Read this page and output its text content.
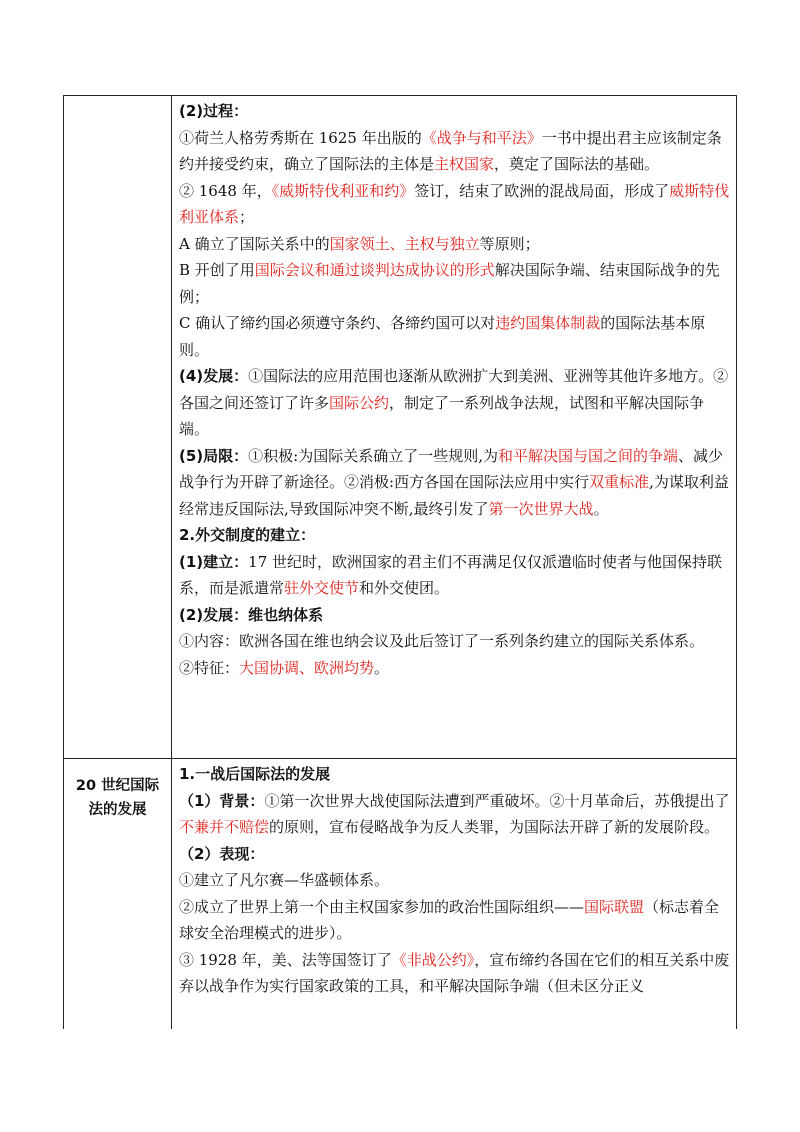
20 世纪国际法的发展

(2)过程：

①荷兰人格劳秀斯在 1625 年出版的《战争与和平法》一书中提出君主应该制定条约并接受约束，确立了国际法的主体是主权国家，奠定了国际法的基础。

② 1648 年，《威斯特伐利亚和约》签订，结束了欧洲的混战局面，形成了威斯特伐利亚体系；

A 确立了国际关系中的国家领土、主权与独立等原则；

B 开创了用国际会议和通过谈判达成协议的形式解决国际争端、结束国际战争的先例；

C 确认了缔约国必须遵守条约、各缔约国可以对违约国集体制裁的国际法基本原则。

(4)发展：①国际法的应用范围也逐渐从欧洲扩大到美洲、亚洲等其他许多地方。②各国之间还签订了许多国际公约，制定了一系列战争法规，试图和平解决国际争端。

(5)局限：①积极:为国际关系确立了一些规则,为和平解决国与国之间的争端、减少战争行为开辟了新途径。②消极:西方各国在国际法应用中实行双重标准,为谋取利益经常违反国际法,导致国际冲突不断,最终引发了第一次世界大战。

2.外交制度的建立：

(1)建立：17 世纪时，欧洲国家的君主们不再满足仅仅派遣临时使者与他国保持联系，而是派遣常驻外交使节和外交使团。

(2)发展：维也纳体系

①内容：欧洲各国在维也纳会议及此后签订了一系列条约建立的国际关系体系。

②特征：大国协调、欧洲均势。

1.一战后国际法的发展

（1）背景：①第一次世界大战使国际法遭到严重破坏。②十月革命后，苏俄提出了不兼并不赔偿的原则，宣布侵略战争为反人类罪，为国际法开辟了新的发展阶段。

（2）表现：

①建立了凡尔赛—华盛顿体系。

②成立了世界上第一个由主权国家参加的政治性国际组织——国际联盟（标志着全球安全治理模式的进步）。

③ 1928 年，美、法等国签订了《非战公约》，宣布缔约各国在它们的相互关系中废弃以战争作为实行国家政策的工具，和平解决国际争端（但未区分正义
